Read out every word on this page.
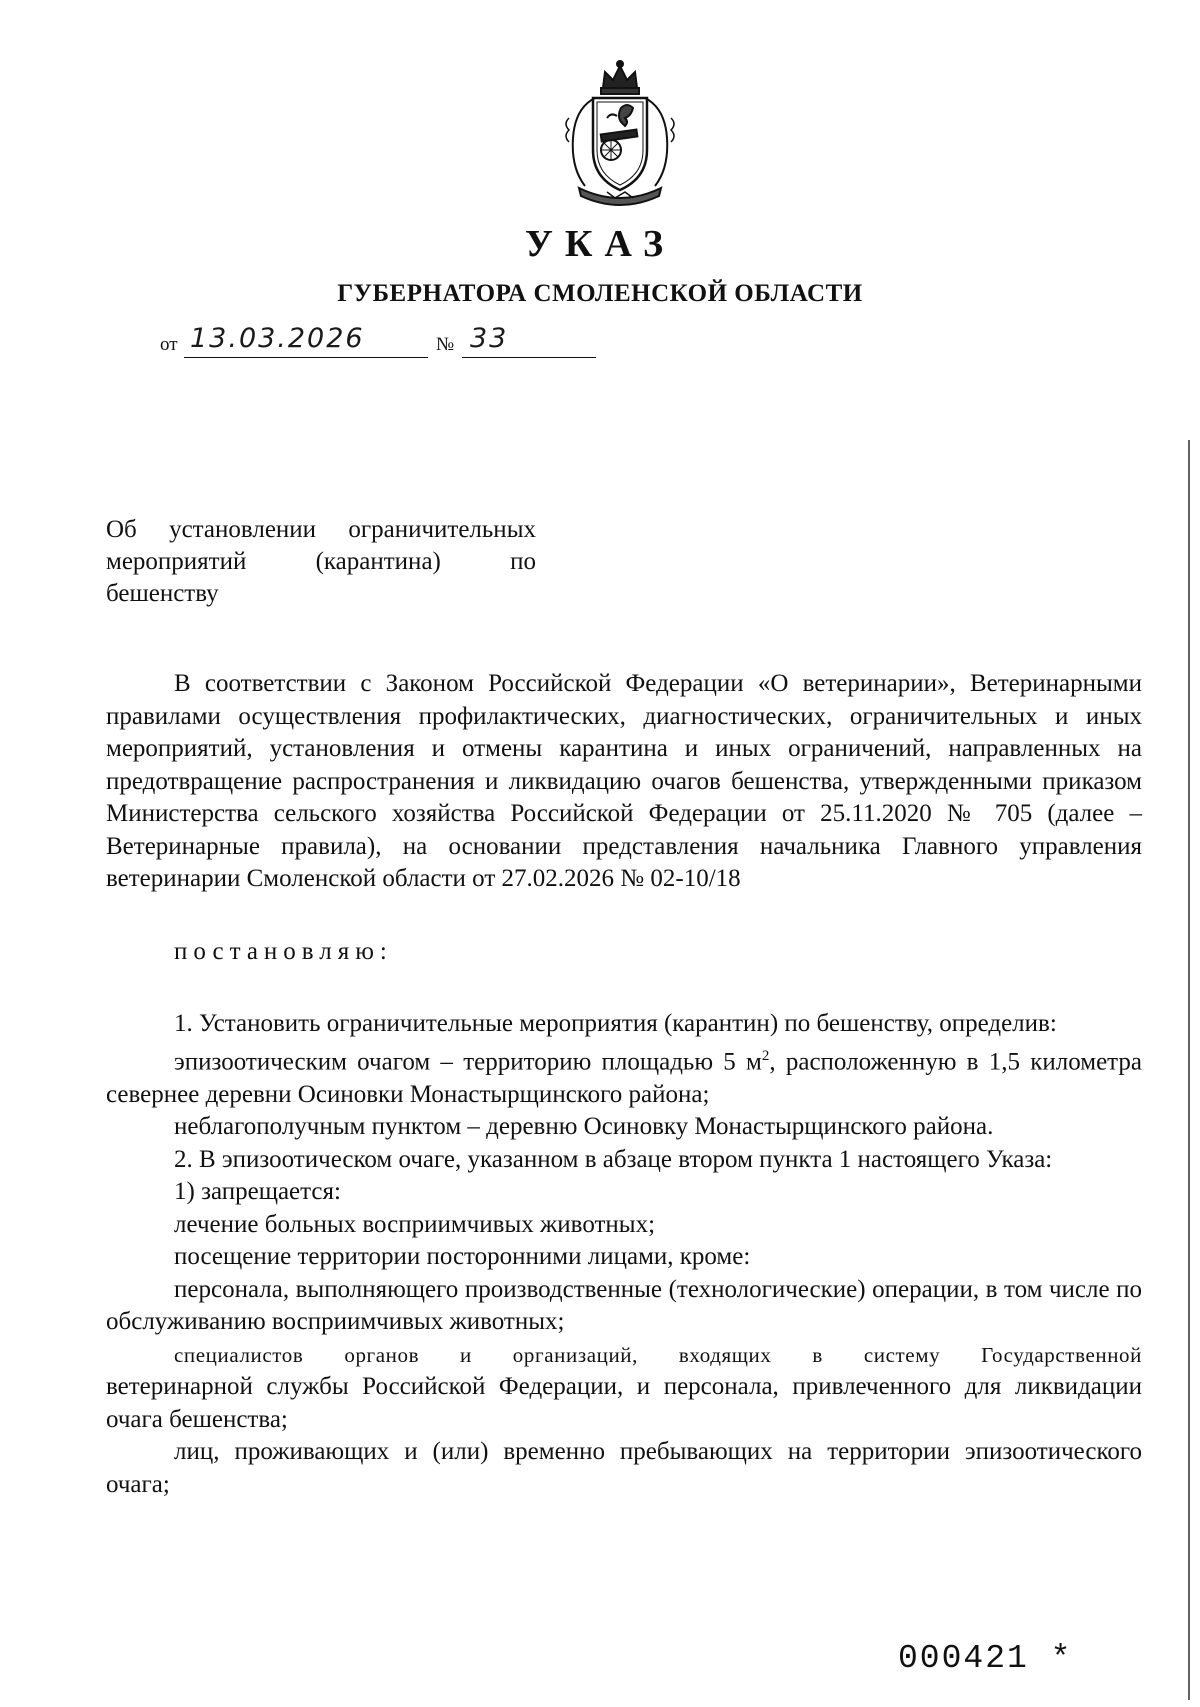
УКАЗ
ГУБЕРНАТОРА СМОЛЕНСКОЙ ОБЛАСТИ
от 13.03.2026	№ 33
Об установлении ограничительных
мероприятий	(карантина)	по
бешенству

В соответствии с Законом Российской Федерации «О ветеринарии», Ветеринарными правилами осуществления профилактических, диагностических, ограничительных и иных мероприятий, установления и отмены карантина и иных ограничений, направленных на предотвращение распространения и ликвидацию очагов бешенства, утвержденными приказом Министерства сельского хозяйства Российской Федерации от 25.11.2020 № 705 (далее – Ветеринарные правила), на основании представления начальника Главного управления ветеринарии Смоленской области от 27.02.2026 № 02-10/18

постановляю:

1. Установить ограничительные мероприятия (карантин) по бешенству, определив:

эпизоотическим очагом – территорию площадью 5 $м^2$, расположенную в 1,5 километра севернее деревни Осиновки Монастырщинского района;

неблагополучным пунктом – деревню Осиновку Монастырщинского района.

2. В эпизоотическом очаге, указанном в абзаце втором пункта 1 настоящего Указа:

1) запрещается:

лечение больных восприимчивых животных;

посещение территории посторонними лицами, кроме:

персонала, выполняющего производственные (технологические) операции, в том числе по обслуживанию восприимчивых животных;

специалистов органов и организаций, входящих в систему Государственной

ветеринарной службы Российской Федерации, и персонала, привлеченного для ликвидации очага бешенства;

лиц, проживающих и (или) временно пребывающих на территории эпизоотического очага;

000421 *
